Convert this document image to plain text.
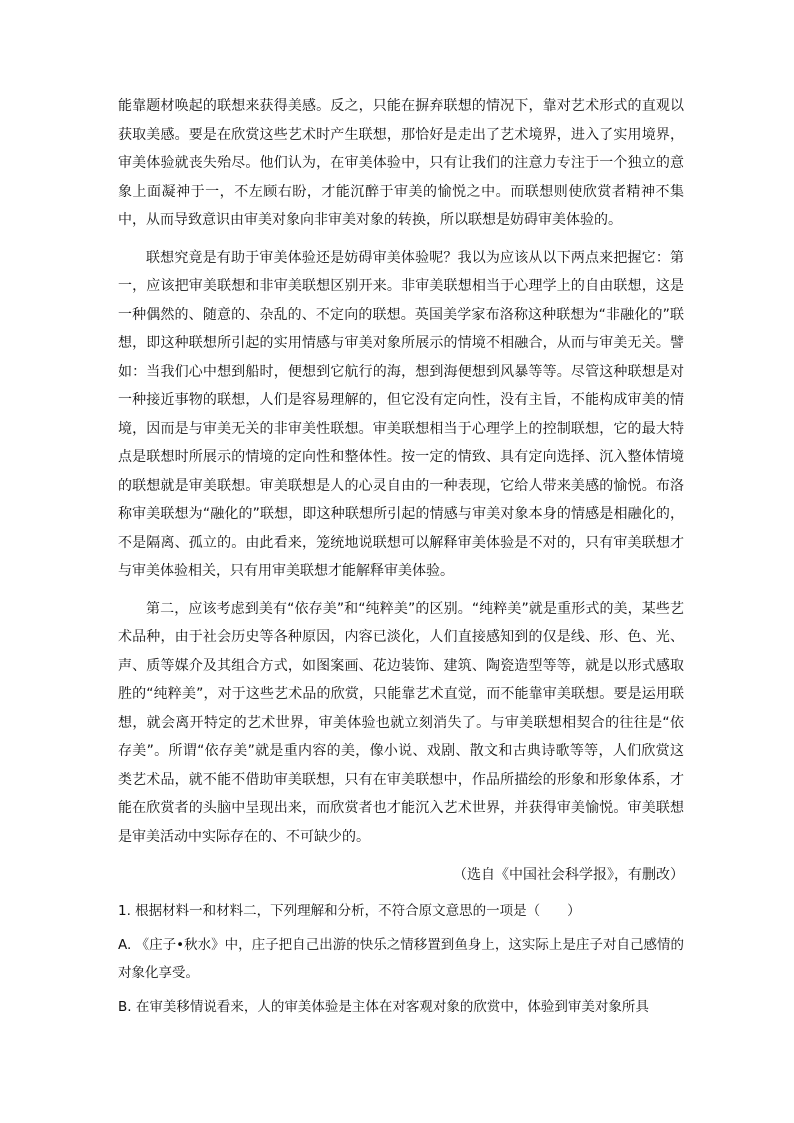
能靠题材唤起的联想来获得美感。反之，只能在摒弃联想的情况下，靠对艺术形式的直观以获取美感。要是在欣赏这些艺术时产生联想，那恰好是走出了艺术境界，进入了实用境界，审美体验就丧失殆尽。他们认为，在审美体验中，只有让我们的注意力专注于一个独立的意象上面凝神于一，不左顾右盼，才能沉醉于审美的愉悦之中。而联想则使欣赏者精神不集中，从而导致意识由审美对象向非审美对象的转换，所以联想是妨碍审美体验的。

联想究竟是有助于审美体验还是妨碍审美体验呢？我以为应该从以下两点来把握它：第一，应该把审美联想和非审美联想区别开来。非审美联想相当于心理学上的自由联想，这是一种偶然的、随意的、杂乱的、不定向的联想。英国美学家布洛称这种联想为“非融化的”联想，即这种联想所引起的实用情感与审美对象所展示的情境不相融合，从而与审美无关。譬如：当我们心中想到船时，便想到它航行的海，想到海便想到风暴等等。尽管这种联想是对一种接近事物的联想，人们是容易理解的，但它没有定向性，没有主旨，不能构成审美的情境，因而是与审美无关的非审美性联想。审美联想相当于心理学上的控制联想，它的最大特点是联想时所展示的情境的定向性和整体性。按一定的情致、具有定向选择、沉入整体情境的联想就是审美联想。审美联想是人的心灵自由的一种表现，它给人带来美感的愉悦。布洛称审美联想为“融化的”联想，即这种联想所引起的情感与审美对象本身的情感是相融化的，不是隔离、孤立的。由此看来，笼统地说联想可以解释审美体验是不对的，只有审美联想才与审美体验相关，只有用审美联想才能解释审美体验。

第二，应该考虑到美有“依存美”和“纯粹美”的区别。“纯粹美”就是重形式的美，某些艺术品种，由于社会历史等各种原因，内容已淡化，人们直接感知到的仅是线、形、色、光、声、质等媒介及其组合方式，如图案画、花边装饰、建筑、陶瓷造型等等，就是以形式感取胜的“纯粹美”，对于这些艺术品的欣赏，只能靠艺术直觉，而不能靠审美联想。要是运用联想，就会离开特定的艺术世界，审美体验也就立刻消失了。与审美联想相契合的往往是“依存美”。所谓“依存美”就是重内容的美，像小说、戏剧、散文和古典诗歌等等，人们欣赏这类艺术品，就不能不借助审美联想，只有在审美联想中，作品所描绘的形象和形象体系，才能在欣赏者的头脑中呈现出来，而欣赏者也才能沉入艺术世界，并获得审美愉悦。审美联想是审美活动中实际存在的、不可缺少的。

（选自《中国社会科学报》，有删改）

1. 根据材料一和材料二，下列理解和分析，不符合原文意思的一项是（　　）

A. 《庄子•秋水》中，庄子把自己出游的快乐之情移置到鱼身上，这实际上是庄子对自己感情的对象化享受。

B. 在审美移情说看来，人的审美体验是主体在对客观对象的欣赏中，体验到审美对象所具
